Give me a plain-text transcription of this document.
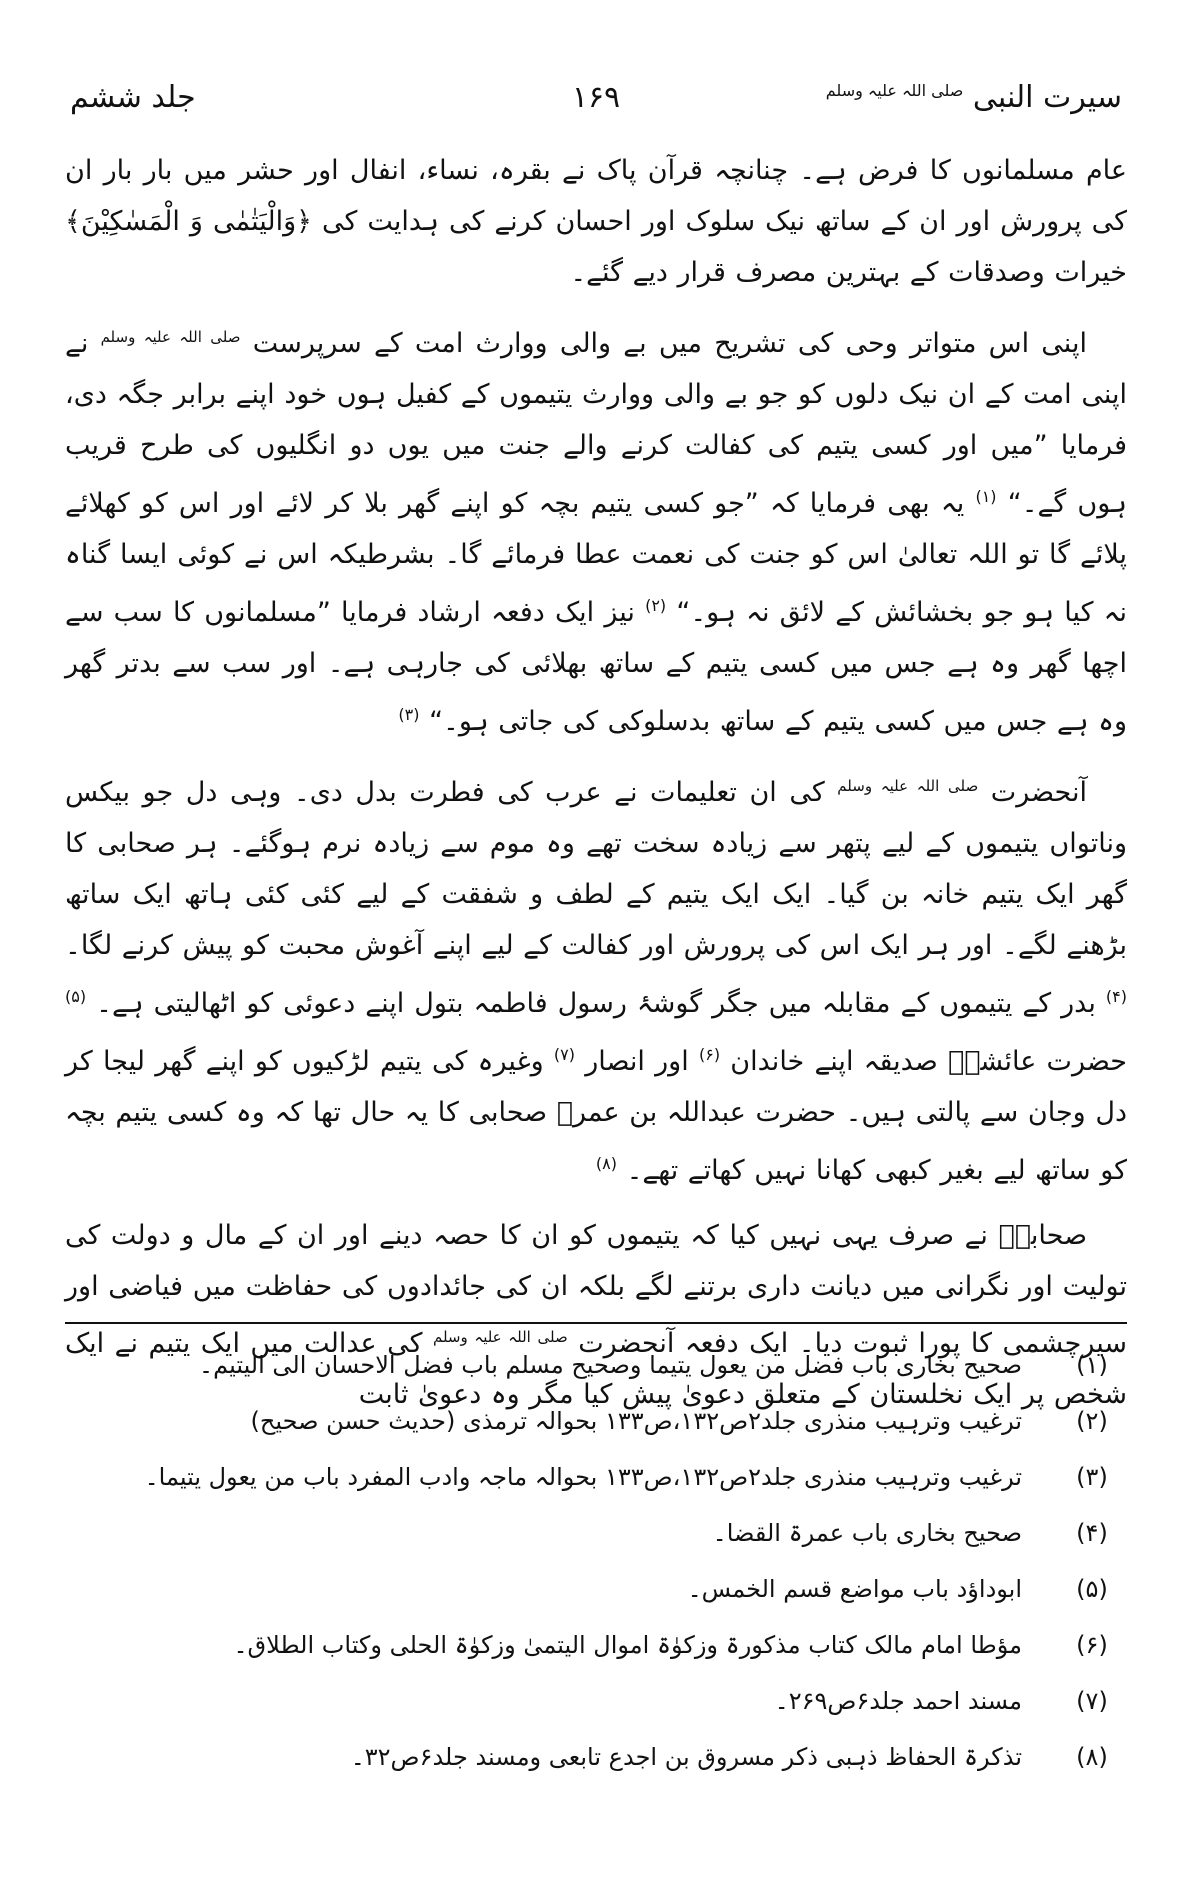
جلد ششم	۱۶۹	سیرت النبی $^{صلی اللہ علیہ وسلم}$

عام مسلمانوں کا فرض ہے۔ چنانچہ قرآن پاک نے بقرہ، نساء، انفال اور حشر میں بار بار ان کی پرورش اور ان کے ساتھ نیک سلوک اور احسان کرنے کی ہدایت کی ﴿وَالْیَتٰمٰی وَ الْمَسٰکِیْنَ﴾ خیرات وصدقات کے بہترین مصرف قرار دیے گئے۔

اپنی اس متواتر وحی کی تشریح میں بے والی ووارث امت کے سرپرست $^{صلی اللہ علیہ وسلم}$ نے اپنی امت کے ان نیک دلوں کو جو بے والی ووارث یتیموں کے کفیل ہوں خود اپنے برابر جگہ دی، فرمایا ”میں اور کسی یتیم کی کفالت کرنے والے جنت میں یوں دو انگلیوں کی طرح قریب ہوں گے۔“ $^{(۱)}$ یہ بھی فرمایا کہ ”جو کسی یتیم بچہ کو اپنے گھر بلا کر لائے اور اس کو کھلائے پلائے گا تو اللہ تعالیٰ اس کو جنت کی نعمت عطا فرمائے گا۔ بشرطیکہ اس نے کوئی ایسا گناہ نہ کیا ہو جو بخشائش کے لائق نہ ہو۔“ $^{(۲)}$ نیز ایک دفعہ ارشاد فرمایا ”مسلمانوں کا سب سے اچھا گھر وہ ہے جس میں کسی یتیم کے ساتھ بھلائی کی جارہی ہے۔ اور سب سے بدتر گھر وہ ہے جس میں کسی یتیم کے ساتھ بدسلوکی کی جاتی ہو۔“ $^{(۳)}$

آنحضرت $^{صلی اللہ علیہ وسلم}$ کی ان تعلیمات نے عرب کی فطرت بدل دی۔ وہی دل جو بیکس وناتواں یتیموں کے لیے پتھر سے زیادہ سخت تھے وہ موم سے زیادہ نرم ہوگئے۔ ہر صحابی کا گھر ایک یتیم خانہ بن گیا۔ ایک ایک یتیم کے لطف و شفقت کے لیے کئی کئی ہاتھ ایک ساتھ بڑھنے لگے۔ اور ہر ایک اس کی پرورش اور کفالت کے لیے اپنے آغوش محبت کو پیش کرنے لگا۔ $^{(۴)}$ بدر کے یتیموں کے مقابلہ میں جگر گوشۂ رسول فاطمہ بتول اپنے دعوئی کو اٹھالیتی ہے۔ $^{(۵)}$ حضرت عائشہؓ صدیقہ اپنے خاندان $^{(۶)}$ اور انصار $^{(۷)}$ وغیرہ کی یتیم لڑکیوں کو اپنے گھر لیجا کر دل وجان سے پالتی ہیں۔ حضرت عبداللہ بن عمرؓ صحابی کا یہ حال تھا کہ وہ کسی یتیم بچہ کو ساتھ لیے بغیر کبھی کھانا نہیں کھاتے تھے۔ $^{(۸)}$

صحابہؓ نے صرف یہی نہیں کیا کہ یتیموں کو ان کا حصہ دینے اور ان کے مال و دولت کی تولیت اور نگرانی میں دیانت داری برتنے لگے بلکہ ان کی جائدادوں کی حفاظت میں فیاضی اور سیرچشمی کا پورا ثبوت دیا۔ ایک دفعہ آنحضرت $^{صلی اللہ علیہ وسلم}$ کی عدالت میں ایک یتیم نے ایک شخص پر ایک نخلستان کے متعلق دعویٰ پیش کیا مگر وہ دعویٰ ثابت

(۱)
صحیح بخاری باب فضل من یعول یتیما وصحیح مسلم باب فضل الاحسان الی الیتیم۔
(۲)
ترغیب وترہیب منذری جلد۲ص۱۳۲،ص۱۳۳ بحوالہ ترمذی (حدیث حسن صحیح)
(۳)
ترغیب وترہیب منذری جلد۲ص۱۳۲،ص۱۳۳ بحوالہ ماجہ وادب المفرد باب من یعول یتیما۔
(۴)
صحیح بخاری باب عمرۃ القضا۔
(۵)
ابوداؤد باب مواضع قسم الخمس۔
(۶)
مؤطا امام مالک کتاب مذکورۃ وزکوٰۃ اموال الیتمیٰ وزکوٰۃ الحلی وکتاب الطلاق۔
(۷)
مسند احمد جلد۶ص۲۶۹۔
(۸)
تذکرۃ الحفاظ ذہبی ذکر مسروق بن اجدع تابعی ومسند جلد۶ص۳۲۔
